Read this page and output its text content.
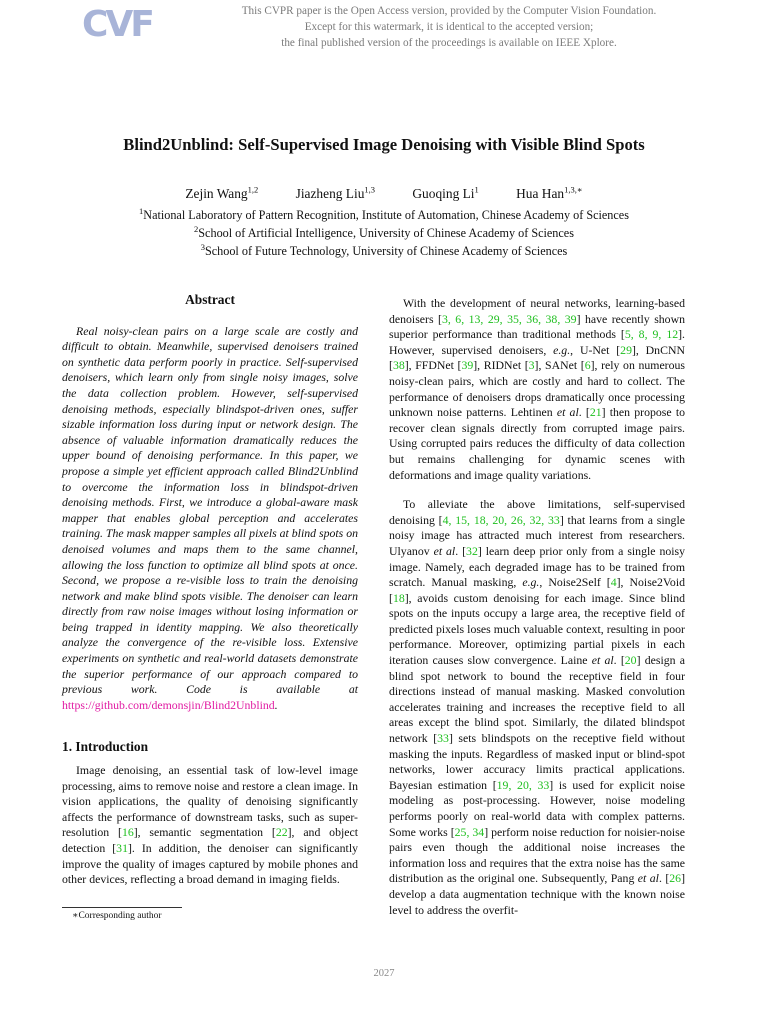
CVF	This CVPR paper is the Open Access version, provided by the Computer Vision Foundation.
Except for this watermark, it is identical to the accepted version;
the final published version of the proceedings is available on IEEE Xplore.
Blind2Unblind: Self-Supervised Image Denoising with Visible Blind Spots
Zejin Wang$^{1,2}$	Jiazheng Liu$^{1,3}$	Guoqing Li$^1$	Hua Han$^{1,3,∗}$
$^1$National Laboratory of Pattern Recognition, Institute of Automation, Chinese Academy of Sciences
$^2$School of Artificial Intelligence, University of Chinese Academy of Sciences
$^3$School of Future Technology, University of Chinese Academy of Sciences
Abstract

Real noisy-clean pairs on a large scale are costly and difficult to obtain. Meanwhile, supervised denoisers trained on synthetic data perform poorly in practice. Self-supervised denoisers, which learn only from single noisy images, solve the data collection problem. However, self-supervised denoising methods, especially blindspot-driven ones, suffer sizable information loss during input or network design. The absence of valuable information dramatically reduces the upper bound of denoising performance. In this paper, we propose a simple yet efficient approach called Blind2Unblind to overcome the information loss in blindspot-driven denoising methods. First, we introduce a global-aware mask mapper that enables global perception and accelerates training. The mask mapper samples all pixels at blind spots on denoised volumes and maps them to the same channel, allowing the loss function to optimize all blind spots at once. Second, we propose a re-visible loss to train the denoising network and make blind spots visible. The denoiser can learn directly from raw noise images without losing information or being trapped in identity mapping. We also theoretically analyze the convergence of the re-visible loss. Extensive experiments on synthetic and real-world datasets demonstrate the superior performance of our approach compared to previous work. Code is available at https://github.com/demonsjin/Blind2Unblind.

1. Introduction

Image denoising, an essential task of low-level image processing, aims to remove noise and restore a clean image. In vision applications, the quality of denoising significantly affects the performance of downstream tasks, such as super-resolution [16], semantic segmentation [22], and object detection [31]. In addition, the denoiser can significantly improve the quality of images captured by mobile phones and other devices, reflecting a broad demand in imaging fields.

With the development of neural networks, learning-based denoisers [3, 6, 13, 29, 35, 36, 38, 39] have recently shown superior performance than traditional methods [5, 8, 9, 12]. However, supervised denoisers, e.g., U-Net [29], DnCNN [38], FFDNet [39], RIDNet [3], SANet [6], rely on numerous noisy-clean pairs, which are costly and hard to collect. The performance of denoisers drops dramatically once processing unknown noise patterns. Lehtinen et al. [21] then propose to recover clean signals directly from corrupted image pairs. Using corrupted pairs reduces the difficulty of data collection but remains challenging for dynamic scenes with deformations and image quality variations.

To alleviate the above limitations, self-supervised denoising [4, 15, 18, 20, 26, 32, 33] that learns from a single noisy image has attracted much interest from researchers. Ulyanov et al. [32] learn deep prior only from a single noisy image. Namely, each degraded image has to be trained from scratch. Manual masking, e.g., Noise2Self [4], Noise2Void [18], avoids custom denoising for each image. Since blind spots on the inputs occupy a large area, the receptive field of predicted pixels loses much valuable context, resulting in poor performance. Moreover, optimizing partial pixels in each iteration causes slow convergence. Laine et al. [20] design a blind spot network to bound the receptive field in four directions instead of manual masking. Masked convolution accelerates training and increases the receptive field to all areas except the blind spot. Similarly, the dilated blindspot network [33] sets blindspots on the receptive field without masking the inputs. Regardless of masked input or blind-spot networks, lower accuracy limits practical applications. Bayesian estimation [19, 20, 33] is used for explicit noise modeling as post-processing. However, noise modeling performs poorly on real-world data with complex patterns. Some works [25, 34] perform noise reduction for noisier-noise pairs even though the additional noise increases the information loss and requires that the extra noise has the same distribution as the original one. Subsequently, Pang et al. [26] develop a data augmentation technique with the known noise level to address the overfit-

∗Corresponding author
2027
